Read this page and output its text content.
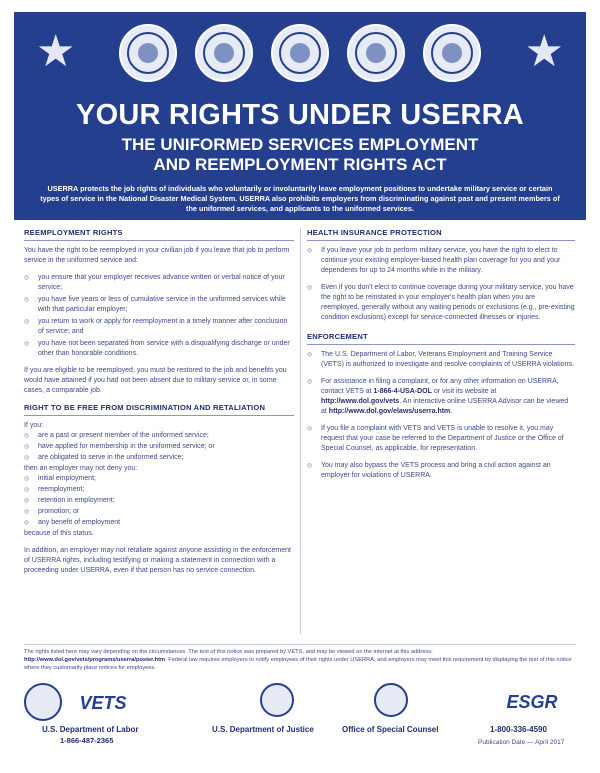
★	★
YOUR RIGHTS UNDER USERRA
THE UNIFORMED SERVICES EMPLOYMENT
AND REEMPLOYMENT RIGHTS ACT
USERRA protects the job rights of individuals who voluntarily or involuntarily leave employment positions to undertake military service or certain types of service in the National Disaster Medical System. USERRA also prohibits employers from discriminating against past and present members of the uniformed services, and applicants to the uniformed services.
REEMPLOYMENT RIGHTS
You have the right to be reemployed in your civilian job if you leave that job to perform service in the uniformed service and:
◎ you ensure that your employer receives advance written or verbal notice of your service;
◎ you have five years or less of cumulative service in the uniformed services while with that particular employer;
◎ you return to work or apply for reemployment in a timely manner after conclusion of service; and
◎ you have not been separated from service with a disqualifying discharge or under other than honorable conditions.
If you are eligible to be reemployed, you must be restored to the job and benefits you would have attained if you had not been absent due to military service or, in some cases, a comparable job.
RIGHT TO BE FREE FROM DISCRIMINATION AND RETALIATION
If you:
◎ are a past or present member of the uniformed service;
◎ have applied for membership in the uniformed service; or
◎ are obligated to serve in the uniformed service;
then an employer may not deny you:
◎ initial employment;
◎ reemployment;
◎ retention in employment;
◎ promotion; or
◎ any benefit of employment
because of this status.
In addition, an employer may not retaliate against anyone assisting in the enforcement of USERRA rights, including testifying or making a statement in connection with a proceeding under USERRA, even if that person has no service connection.
HEALTH INSURANCE PROTECTION
◎ If you leave your job to perform military service, you have the right to elect to continue your existing employer-based health plan coverage for you and your dependents for up to 24 months while in the military.
◎ Even if you don't elect to continue coverage during your military service, you have the right to be reinstated in your employer's health plan when you are reemployed, generally without any waiting periods or exclusions (e.g., pre-existing condition exclusions) except for service-connected illnesses or injuries.
ENFORCEMENT
◎ The U.S. Department of Labor, Veterans Employment and Training Service (VETS) is authorized to investigate and resolve complaints of USERRA violations.
◎ For assistance in filing a complaint, or for any other information on USERRA, contact VETS at 1-866-4-USA-DOL or visit its website at http://www.dol.gov/vets. An interactive online USERRA Advisor can be viewed at http://www.dol.gov/elaws/userra.htm.
◎ If you file a complaint with VETS and VETS is unable to resolve it, you may request that your case be referred to the Department of Justice or the Office of Special Counsel, as applicable, for representation.
◎ You may also bypass the VETS process and bring a civil action against an employer for violations of USERRA.
The rights listed here may vary depending on the circumstances. The text of this notice was prepared by VETS, and may be viewed on the internet at this address: http://www.dol.gov/vets/programs/userra/poster.htm. Federal law requires employers to notify employees of their rights under USERRA, and employers may meet this requirement by displaying the text of this notice where they customarily place notices for employees.
VETS
U.S. Department of Labor
1-866-487-2365
U.S. Department of Justice	Office of Special Counsel
ESGR
1-800-336-4590
Publication Date — April 2017
